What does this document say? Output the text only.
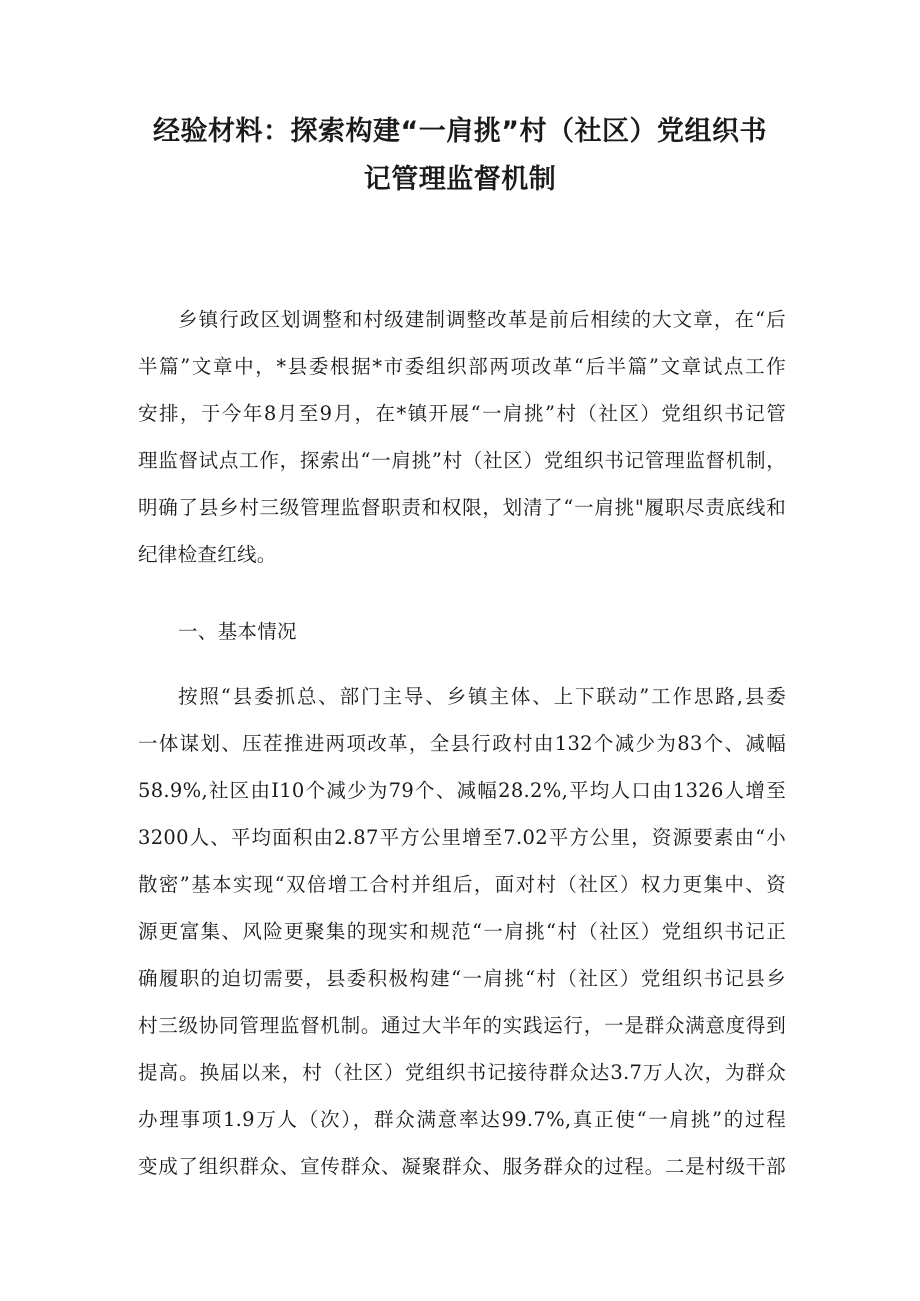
经验材料：探索构建“一肩挑”村（社区）党组织书
记管理监督机制
乡镇行政区划调整和村级建制调整改革是前后相续的大文章，在“后
半篇”文章中，*县委根据*市委组织部两项改革“后半篇”文章试点工作
安排，于今年8月至9月，在*镇开展“一肩挑”村（社区）党组织书记管
理监督试点工作，探索出“一肩挑”村（社区）党组织书记管理监督机制，
明确了县乡村三级管理监督职责和权限，划清了“一肩挑"履职尽责底线和
纪律检查红线。
一、基本情况
按照“县委抓总、部门主导、乡镇主体、上下联动”工作思路,县委
一体谋划、压茬推进两项改革，全县行政村由132个减少为83个、减幅
58.9%,社区由I10个减少为79个、减幅28.2%,平均人口由1326人增至
3200人、平均面积由2.87平方公里增至7.02平方公里，资源要素由“小
散密”基本实现“双倍增工合村并组后，面对村（社区）权力更集中、资
源更富集、风险更聚集的现实和规范“一肩挑“村（社区）党组织书记正
确履职的迫切需要，县委积极构建“一肩挑“村（社区）党组织书记县乡
村三级协同管理监督机制。通过大半年的实践运行，一是群众满意度得到
提高。换届以来，村（社区）党组织书记接待群众达3.7万人次，为群众
办理事项1.9万人（次），群众满意率达99.7%,真正使“一肩挑”的过程
变成了组织群众、宣传群众、凝聚群众、服务群众的过程。二是村级干部
